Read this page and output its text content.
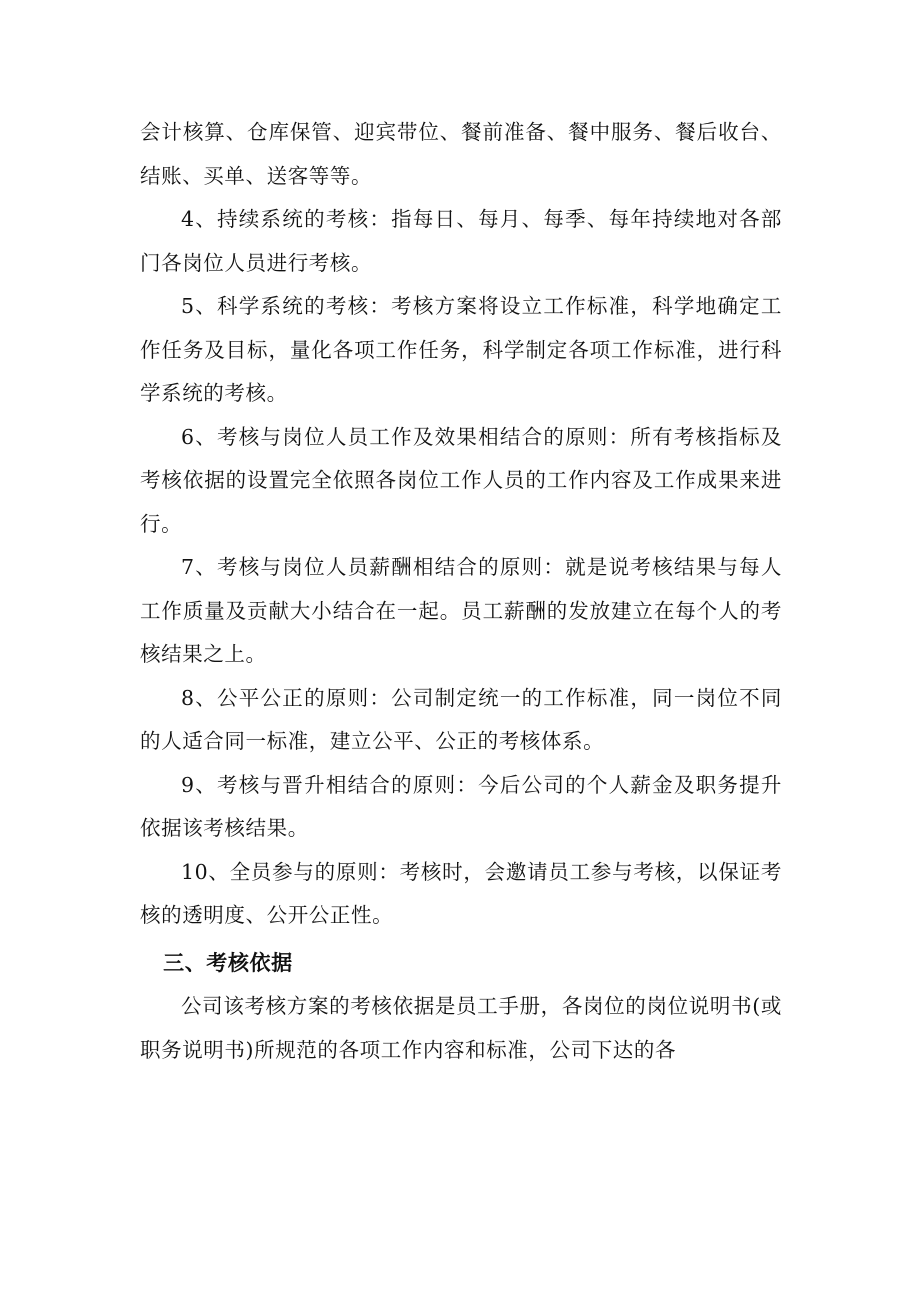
会计核算、仓库保管、迎宾带位、餐前准备、餐中服务、餐后收台、结账、买单、送客等等。

4、持续系统的考核：指每日、每月、每季、每年持续地对各部门各岗位人员进行考核。

5、科学系统的考核：考核方案将设立工作标准，科学地确定工作任务及目标，量化各项工作任务，科学制定各项工作标准，进行科学系统的考核。

6、考核与岗位人员工作及效果相结合的原则：所有考核指标及考核依据的设置完全依照各岗位工作人员的工作内容及工作成果来进行。

7、考核与岗位人员薪酬相结合的原则：就是说考核结果与每人工作质量及贡献大小结合在一起。员工薪酬的发放建立在每个人的考核结果之上。

8、公平公正的原则：公司制定统一的工作标准，同一岗位不同的人适合同一标准，建立公平、公正的考核体系。

9、考核与晋升相结合的原则：今后公司的个人薪金及职务提升依据该考核结果。

10、全员参与的原则：考核时，会邀请员工参与考核，以保证考核的透明度、公开公正性。

三、考核依据

公司该考核方案的考核依据是员工手册，各岗位的岗位说明书(或职务说明书)所规范的各项工作内容和标准，公司下达的各
